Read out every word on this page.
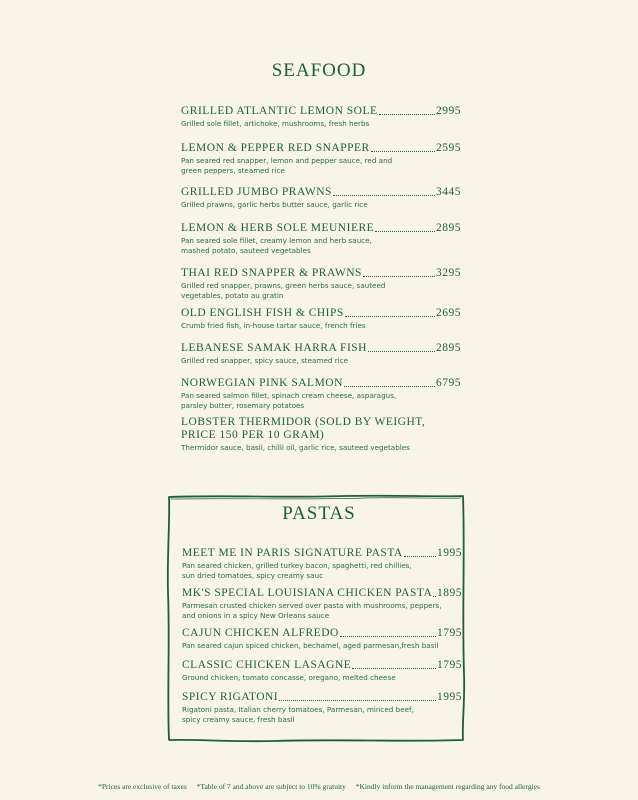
SEAFOOD
GRILLED ATLANTIC LEMON SOLE	2995
Grilled sole fillet, artichoke, mushrooms, fresh herbs
LEMON & PEPPER RED SNAPPER	2595
Pan seared red snapper, lemon and pepper sauce, red and green peppers, steamed rice
GRILLED JUMBO PRAWNS	3445
Grilled prawns, garlic herbs butter sauce, garlic rice
LEMON & HERB SOLE MEUNIERE	2895
Pan seared sole fillet, creamy lemon and herb sauce, mashed potato, sauteed vegetables
THAI RED SNAPPER & PRAWNS	3295
Grilled red snapper, prawns, green herbs sauce, sauteed vegetables, potato au gratin
OLD ENGLISH FISH & CHIPS	2695
Crumb fried fish, in-house tartar sauce, french fries
LEBANESE SAMAK HARRA FISH	2895
Grilled red snapper, spicy sauce, steamed rice
NORWEGIAN PINK SALMON	6795
Pan seared salmon fillet, spinach cream cheese, asparagus, parsley butter, rosemary potatoes
LOBSTER THERMIDOR (SOLD BY WEIGHT, PRICE 150 PER 10 GRAM)
Thermidor sauce, basil, chilli oil, garlic rice, sauteed vegetables
PASTAS
MEET ME IN PARIS SIGNATURE PASTA	1995
Pan seared chicken, grilled turkey bacon, spaghetti, red chillies, sun dried tomatoes, spicy creamy sauc
MK'S SPECIAL LOUISIANA CHICKEN PASTA 1895
Parmesan crusted chicken served over pasta with mushrooms, peppers, and onions in a spicy New Orleans sauce
CAJUN CHICKEN ALFREDO	1795
Pan seared cajun spiced chicken, bechamel, aged parmesan,fresh basil
CLASSIC CHICKEN LASAGNE	1795
Ground chicken, tomato concasse, oregano, melted cheese
SPICY RIGATONI	1995
Rigatoni pasta, Italian cherry tomatoes, Parmesan, minced beef, spicy creamy sauce, fresh basil
*Prices are exclusive of taxes *Table of 7 and above are subject to 10% gratuity *Kindly inform the management regarding any food allergies
